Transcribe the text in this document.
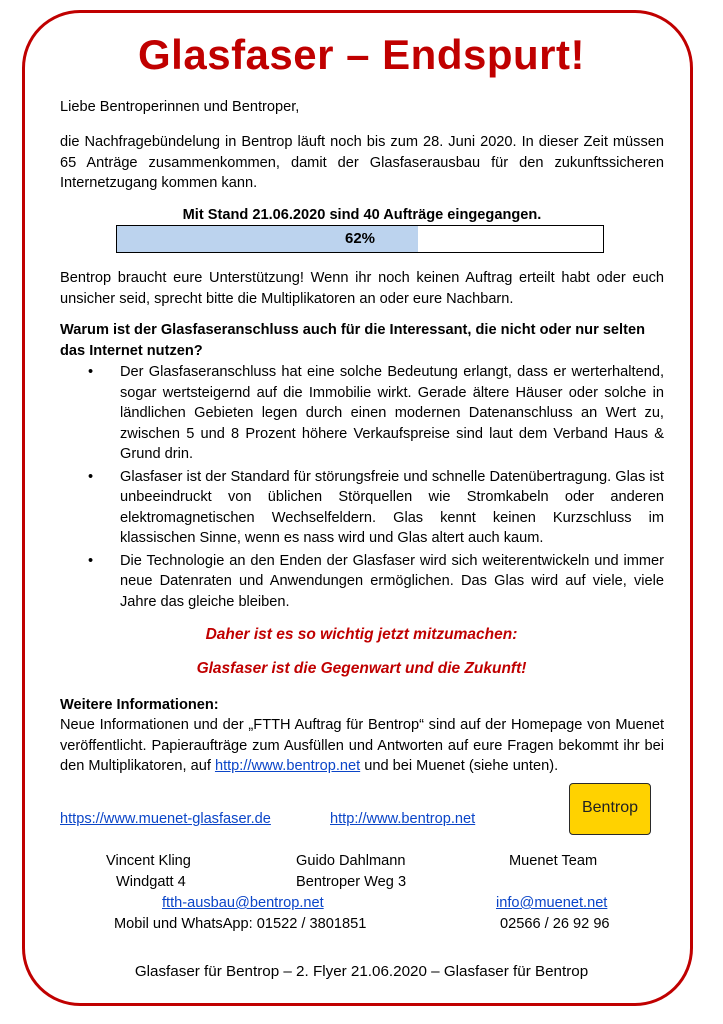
Glasfaser – Endspurt!
Liebe Bentroperinnen und Bentroper,
die Nachfragebündelung in Bentrop läuft noch bis zum 28. Juni 2020. In dieser Zeit müssen 65 Anträge zusammenkommen, damit der Glasfaserausbau für den zukunftssicheren Internetzugang kommen kann.
Mit Stand 21.06.2020 sind 40 Aufträge eingegangen.
62%
Bentrop braucht eure Unterstützung! Wenn ihr noch keinen Auftrag erteilt habt oder euch unsicher seid, sprecht bitte die Multiplikatoren an oder eure Nachbarn.
Warum ist der Glasfaseranschluss auch für die Interessant, die nicht oder nur selten das Internet nutzen?
• Der Glasfaseranschluss hat eine solche Bedeutung erlangt, dass er werterhaltend, sogar wertsteigernd auf die Immobilie wirkt. Gerade ältere Häuser oder solche in ländlichen Gebieten legen durch einen modernen Datenanschluss an Wert zu, zwischen 5 und 8 Prozent höhere Verkaufspreise sind laut dem Verband Haus & Grund drin.
• Glasfaser ist der Standard für störungsfreie und schnelle Datenübertragung. Glas ist unbeeindruckt von üblichen Störquellen wie Stromkabeln oder anderen elektromagnetischen Wechselfeldern. Glas kennt keinen Kurzschluss im klassischen Sinne, wenn es nass wird und Glas altert auch kaum.
• Die Technologie an den Enden der Glasfaser wird sich weiterentwickeln und immer neue Datenraten und Anwendungen ermöglichen. Das Glas wird auf viele, viele Jahre das gleiche bleiben.
Daher ist es so wichtig jetzt mitzumachen:
Glasfaser ist die Gegenwart und die Zukunft!
Weitere Informationen:
Neue Informationen und der „FTTH Auftrag für Bentrop“ sind auf der Homepage von Muenet veröffentlicht. Papieraufträge zum Ausfüllen und Antworten auf eure Fragen bekommt ihr bei den Multiplikatoren, auf http://www.bentrop.net und bei Muenet (siehe unten).
https://www.muenet-glasfaser.de	http://www.bentrop.net
Bentrop
Vincent Kling
Windgatt 4
Guido Dahlmann
Bentroper Weg 3
ftth-ausbau@bentrop.net
Mobil und WhatsApp: 01522 / 3801851
Muenet Team
info@muenet.net
02566 / 26 92 96
Glasfaser für Bentrop – 2. Flyer 21.06.2020 – Glasfaser für Bentrop
